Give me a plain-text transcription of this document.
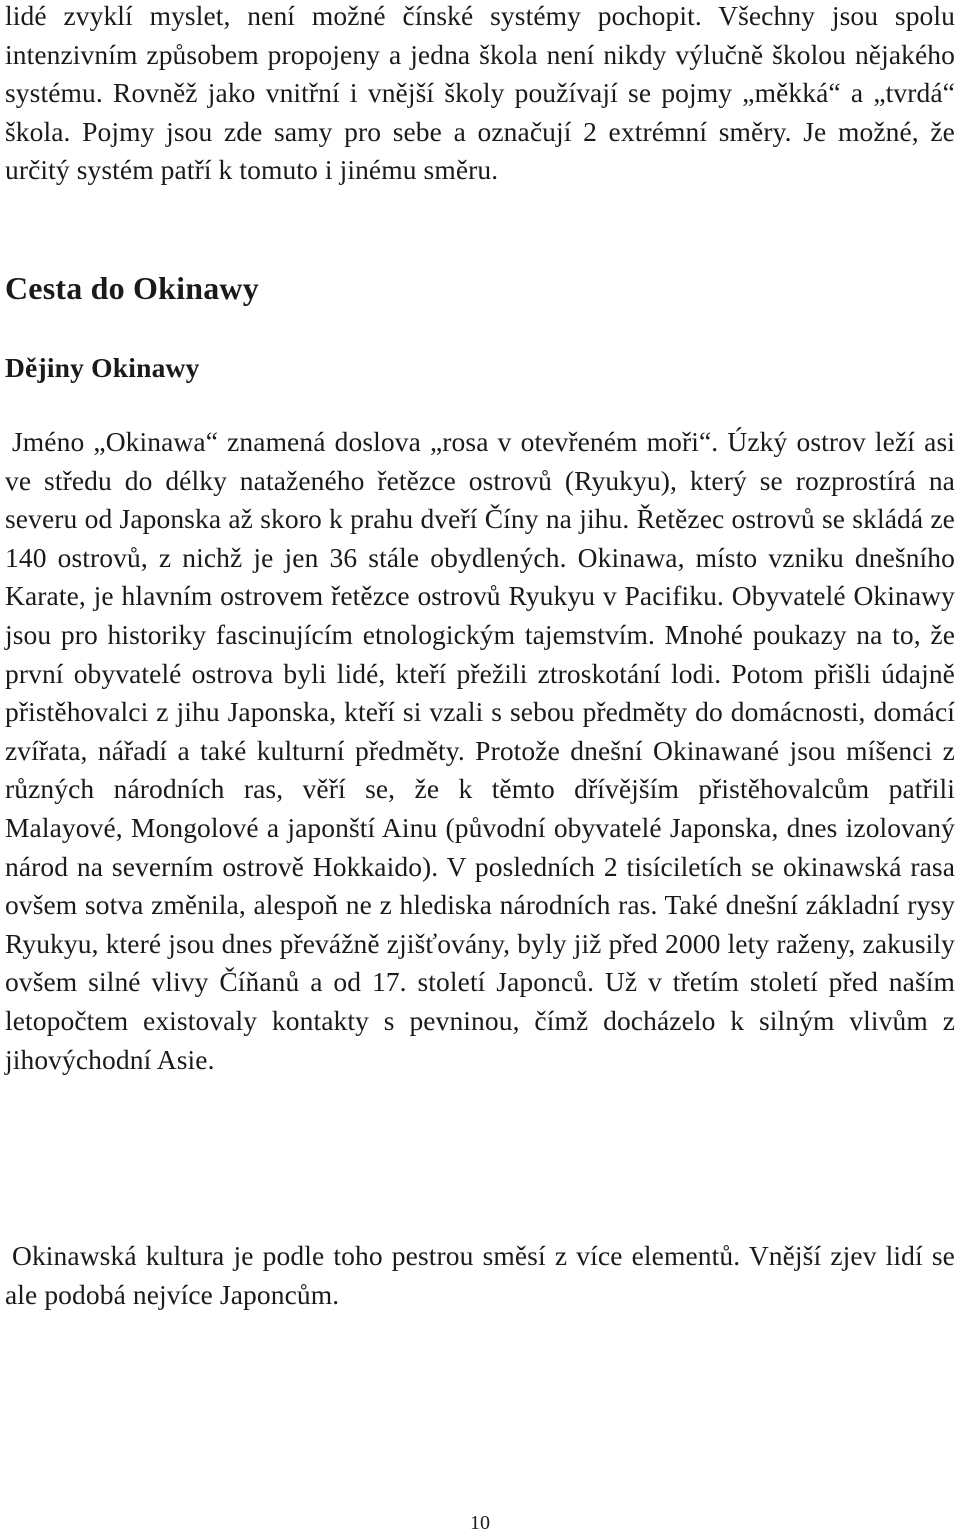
lidé zvyklí myslet, není možné čínské systémy pochopit. Všechny jsou spolu intenzivním způsobem propojeny a jedna škola není nikdy výlučně školou nějakého systému. Rovněž jako vnitřní i vnější školy používají se pojmy „měkká“ a „tvrdá“ škola. Pojmy jsou zde samy pro sebe a označují 2 extrémní směry. Je možné, že určitý systém patří k tomuto i jinému směru.

Cesta do Okinawy
Dějiny Okinawy

Jméno „Okinawa“ znamená doslova „rosa v otevřeném moři“. Úzký ostrov leží asi ve středu do délky nataženého řetězce ostrovů (Ryukyu), který se rozprostírá na severu od Japonska až skoro k prahu dveří Číny na jihu. Řetězec ostrovů se skládá ze 140 ostrovů, z nichž je jen 36 stále obydlených. Okinawa, místo vzniku dnešního Karate, je hlavním ostrovem řetězce ostrovů Ryukyu v Pacifiku. Obyvatelé Okinawy jsou pro historiky fascinujícím etnologickým tajemstvím. Mnohé poukazy na to, že první obyvatelé ostrova byli lidé, kteří přežili ztroskotání lodi. Potom přišli údajně přistěhovalci z jihu Japonska, kteří si vzali s sebou předměty do domácnosti, domácí zvířata, nářadí a také kulturní předměty. Protože dnešní Okinawané jsou míšenci z různých národních ras, věří se, že k těmto dřívějším přistěhovalcům patřili Malayové, Mongolové a japonští Ainu (původní obyvatelé Japonska, dnes izolovaný národ na severním ostrově Hokkaido). V posledních 2 tisíciletích se okinawská rasa ovšem sotva změnila, alespoň ne z hlediska národních ras. Také dnešní základní rysy Ryukyu, které jsou dnes převážně zjišťovány, byly již před 2000 lety raženy, zakusily ovšem silné vlivy Číňanů a od 17. století Japonců. Už v třetím století před naším letopočtem existovaly kontakty s pevninou, čímž docházelo k silným vlivům z jihovýchodní Asie.

Okinawská kultura je podle toho pestrou směsí z více elementů. Vnější zjev lidí se ale podobá nejvíce Japoncům.

10
